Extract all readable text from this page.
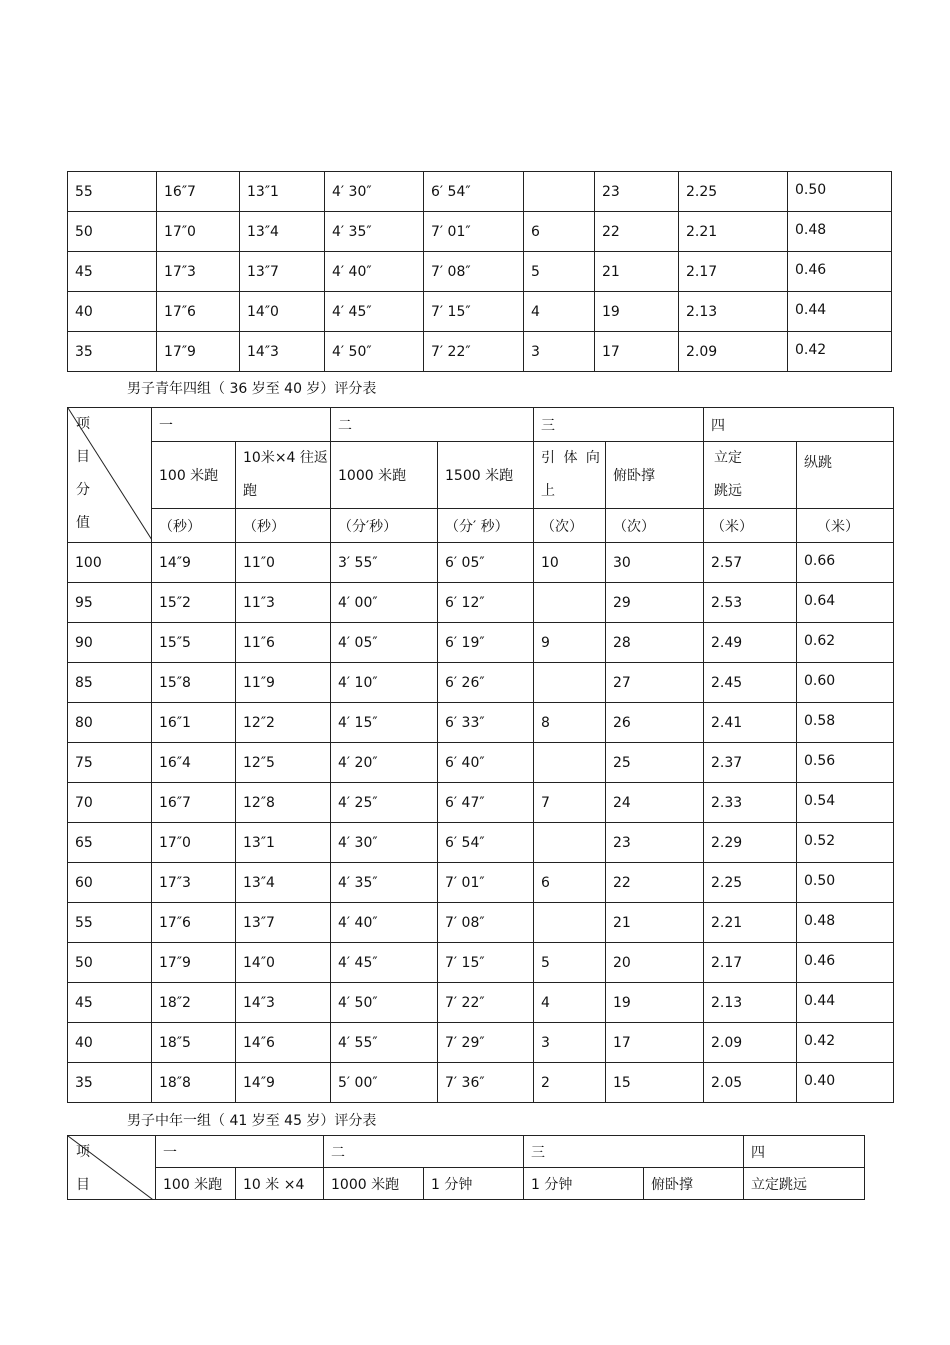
55	16″7	13″1	4′ 30″	6′ 54″		23	2.25	0.50
50	17″0	13″4	4′ 35″	7′ 01″	6	22	2.21	0.48
45	17″3	13″7	4′ 40″	7′ 08″	5	21	2.17	0.46
40	17″6	14″0	4′ 45″	7′ 15″	4	19	2.13	0.44
35	17″9	14″3	4′ 50″	7′ 22″	3	17	2.09	0.42
男子青年四组（ 36 岁至 40 岁）评分表
项
目
分
值	一		二		三		四	
	100 米跑	10米×4 往返跑	1000 米跑	1500 米跑	引 体 向 上	俯卧撑	立定 跳远	纵跳
	（秒）	（秒）	（分′秒）	（分′ 秒）	（次）	（次）	（米）	（米）
100	14″9	11″0	3′ 55″	6′ 05″	10	30	2.57	0.66
95	15″2	11″3	4′ 00″	6′ 12″		29	2.53	0.64
90	15″5	11″6	4′ 05″	6′ 19″	9	28	2.49	0.62
85	15″8	11″9	4′ 10″	6′ 26″		27	2.45	0.60
80	16″1	12″2	4′ 15″	6′ 33″	8	26	2.41	0.58
75	16″4	12″5	4′ 20″	6′ 40″		25	2.37	0.56
70	16″7	12″8	4′ 25″	6′ 47″	7	24	2.33	0.54
65	17″0	13″1	4′ 30″	6′ 54″		23	2.29	0.52
60	17″3	13″4	4′ 35″	7′ 01″	6	22	2.25	0.50
55	17″6	13″7	4′ 40″	7′ 08″		21	2.21	0.48
50	17″9	14″0	4′ 45″	7′ 15″	5	20	2.17	0.46
45	18″2	14″3	4′ 50″	7′ 22″	4	19	2.13	0.44
40	18″5	14″6	4′ 55″	7′ 29″	3	17	2.09	0.42
35	18″8	14″9	5′ 00″	7′ 36″	2	15	2.05	0.40
男子中年一组（ 41 岁至 45 岁）评分表
项
目	一		二		三		四
	100 米跑	10 米 ×4	1000 米跑	1 分钟	1 分钟	俯卧撑	立定跳远
